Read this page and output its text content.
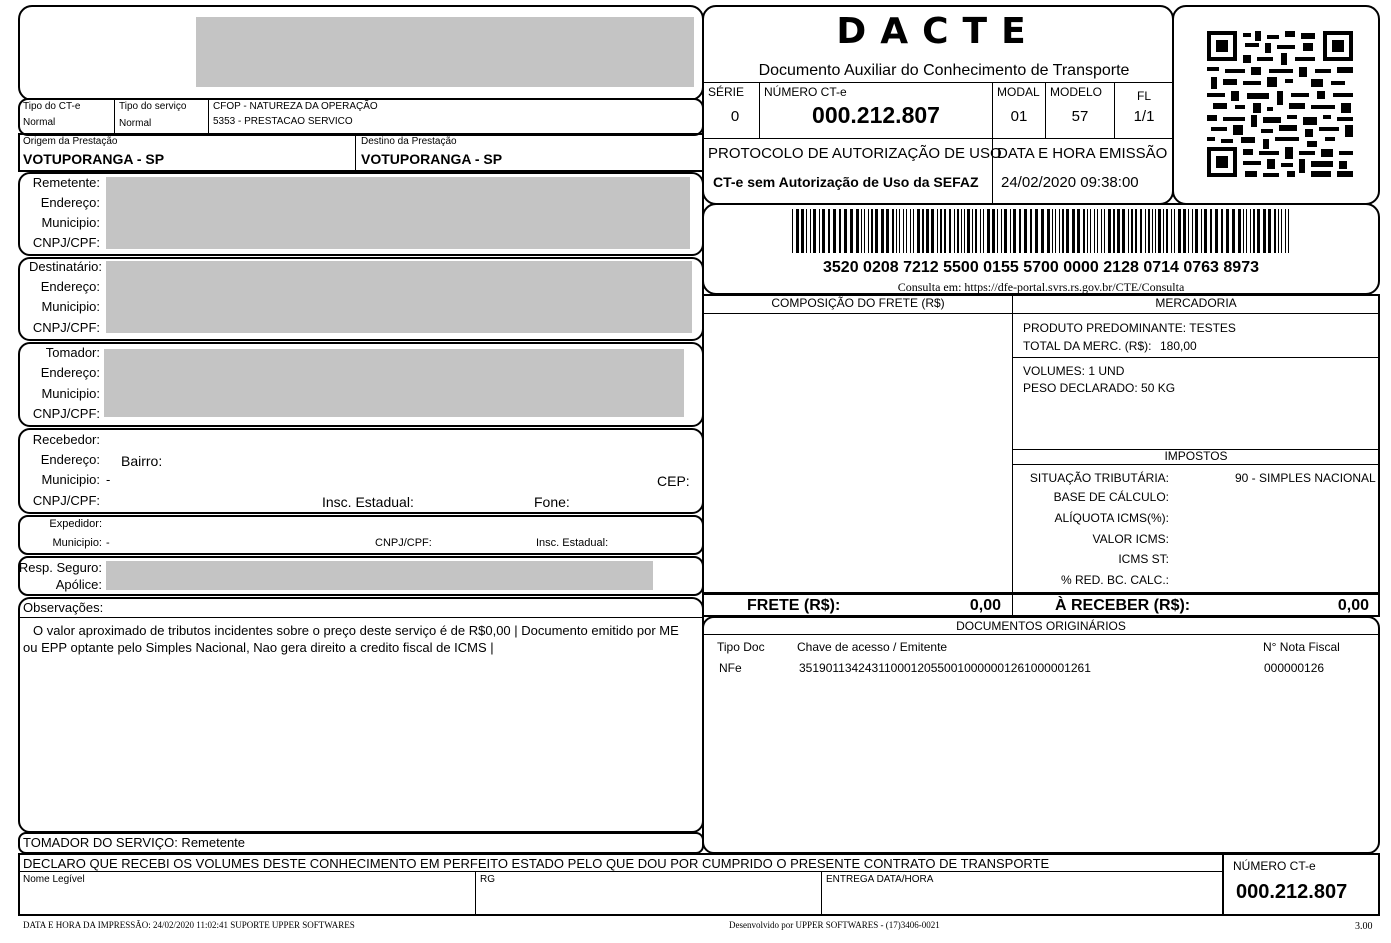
Tipo do CT-e
Normal
Tipo do serviço
Normal
CFOP - NATUREZA DA OPERAÇÃO
5353 - PRESTACAO SERVICO
Origem da Prestação
VOTUPORANGA - SP
Destino da Prestação
VOTUPORANGA - SP
Remetente:
Endereço:
Municipio:
CNPJ/CPF:
Destinatário:
Endereço:
Municipio:
CNPJ/CPF:
Tomador:
Endereço:
Municipio:
CNPJ/CPF:
Recebedor:
Endereço: Bairro:
Municipio: -	CEP:
CNPJ/CPF:	Insc. Estadual:	Fone:
Expedidor:
Municipio: -	CNPJ/CPF:	Insc. Estadual:
Resp. Seguro:
Apólice:
Observações:
O valor aproximado de tributos incidentes sobre o preço deste serviço é de R$0,00 | Documento emitido por ME
ou EPP optante pelo Simples Nacional, Nao gera direito a credito fiscal de ICMS |
TOMADOR DO SERVIÇO: Remetente
DACTE
Documento Auxiliar do Conhecimento de Transporte
SÉRIE
0
NÚMERO CT-e
000.212.807
MODAL
01
MODELO
57
FL
1/1
PROTOCOLO DE AUTORIZAÇÃO DE USO
CT-e sem Autorização de Uso da SEFAZ
DATA E HORA EMISSÃO
24/02/2020 09:38:00
3520 0208 7212 5500 0155 5700 0000 2128 0714 0763 8973
Consulta em: https://dfe-portal.svrs.rs.gov.br/CTE/Consulta
COMPOSIÇÃO DO FRETE (R$)	MERCADORIA
PRODUTO PREDOMINANTE: TESTES
TOTAL DA MERC. (R$): 180,00
VOLUMES: 1 UND
PESO DECLARADO: 50 KG
IMPOSTOS
SITUAÇÃO TRIBUTÁRIA:	90 - SIMPLES NACIONAL
BASE DE CÁLCULO:
ALÍQUOTA ICMS(%):
VALOR ICMS:
ICMS ST:
% RED. BC. CALC.:
FRETE (R$):	0,00	À RECEBER (R$):	0,00
DOCUMENTOS ORIGINÁRIOS
Tipo Doc	Chave de acesso / Emitente	N° Nota Fiscal
NFe	35190113424311000120550010000001261000001261	000000126
DECLARO QUE RECEBI OS VOLUMES DESTE CONHECIMENTO EM PERFEITO ESTADO PELO QUE DOU POR CUMPRIDO O PRESENTE CONTRATO DE TRANSPORTE
Nome Legível	RG	ENTREGA DATA/HORA
NÚMERO CT-e
000.212.807
DATA E HORA DA IMPRESSÃO: 24/02/2020 11:02:41 SUPORTE UPPER SOFTWARES	Desenvolvido por UPPER SOFTWARES - (17)3406-0021	3.00
